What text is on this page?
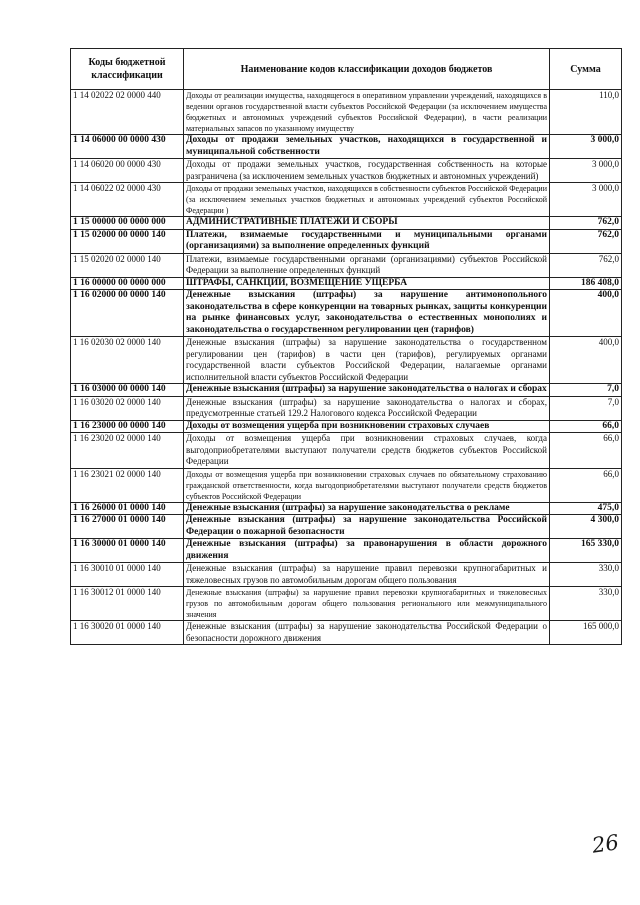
Коды бюджетной классификации	Наименование кодов классификации доходов бюджетов	Сумма
1 14 02022 02 0000 440	Доходы от реализации имущества, находящегося в оперативном управлении учреждений, находящихся в ведении органов государственной власти субъектов Российской Федерации (за исключением имущества бюджетных и автономных учреждений субъектов Российской Федерации), в части реализации материальных запасов по указанному имуществу	110,0
1 14 06000 00 0000 430	Доходы от продажи земельных участков, находящихся в государственной и муниципальной собственности	3 000,0
1 14 06020 00 0000 430	Доходы от продажи земельных участков, государственная собственность на которые разграничена (за исключением земельных участков бюджетных и автономных учреждений)	3 000,0
1 14 06022 02 0000 430	Доходы от продажи земельных участков, находящихся в собственности субъектов Российской Федерации (за исключением земельных участков бюджетных и автономных учреждений субъектов Российской Федерации )	3 000,0
1 15 00000 00 0000 000	АДМИНИСТРАТИВНЫЕ ПЛАТЕЖИ И СБОРЫ	762,0
1 15 02000 00 0000 140	Платежи, взимаемые государственными и муниципальными органами (организациями) за выполнение определенных функций	762,0
1 15 02020 02 0000 140	Платежи, взимаемые государственными органами (организациями) субъектов Российской Федерации за выполнение определенных функций	762,0
1 16 00000 00 0000 000	ШТРАФЫ, САНКЦИИ, ВОЗМЕЩЕНИЕ УЩЕРБА	186 408,0
1 16 02000 00 0000 140	Денежные взыскания (штрафы) за нарушение антимонопольного законодательства в сфере конкуренции на товарных рынках, защиты конкуренции на рынке финансовых услуг, законодательства о естественных монополиях и законодательства о государственном регулировании цен (тарифов)	400,0
1 16 02030 02 0000 140	Денежные взыскания (штрафы) за нарушение законодательства о государственном регулировании цен (тарифов) в части цен (тарифов), регулируемых органами государственной власти субъектов Российской Федерации, налагаемые органами исполнительной власти субъектов Российской Федерации	400,0
1 16 03000 00 0000 140	Денежные взыскания (штрафы) за нарушение законодательства о налогах и сборах	7,0
1 16 03020 02 0000 140	Денежные взыскания (штрафы) за нарушение законодательства о налогах и сборах, предусмотренные статьей 129.2 Налогового кодекса Российской Федерации	7,0
1 16 23000 00 0000 140	Доходы от возмещения ущерба при возникновении страховых случаев	66,0
1 16 23020 02 0000 140	Доходы от возмещения ущерба при возникновении страховых случаев, когда выгодоприобретателями выступают получатели средств бюджетов субъектов Российской Федерации	66,0
1 16 23021 02 0000 140	Доходы от возмещения ущерба при возникновении страховых случаев по обязательному страхованию гражданской ответственности, когда выгодоприобретателями выступают получатели средств бюджетов субъектов Российской Федерации	66,0
1 16 26000 01 0000 140	Денежные взыскания (штрафы) за нарушение законодательства о рекламе	475,0
1 16 27000 01 0000 140	Денежные взыскания (штрафы) за нарушение законодательства Российской Федерации о пожарной безопасности	4 300,0
1 16 30000 01 0000 140	Денежные взыскания (штрафы) за правонарушения в области дорожного движения	165 330,0
1 16 30010 01 0000 140	Денежные взыскания (штрафы) за нарушение правил перевозки крупногабаритных и тяжеловесных грузов по автомобильным дорогам общего пользования	330,0
1 16 30012 01 0000 140	Денежные взыскания (штрафы) за нарушение правил перевозки крупногабаритных и тяжеловесных грузов по автомобильным дорогам общего пользования регионального или межмуниципального значения	330,0
1 16 30020 01 0000 140	Денежные взыскания (штрафы) за нарушение законодательства Российской Федерации о безопасности дорожного движения	165 000,0
26
